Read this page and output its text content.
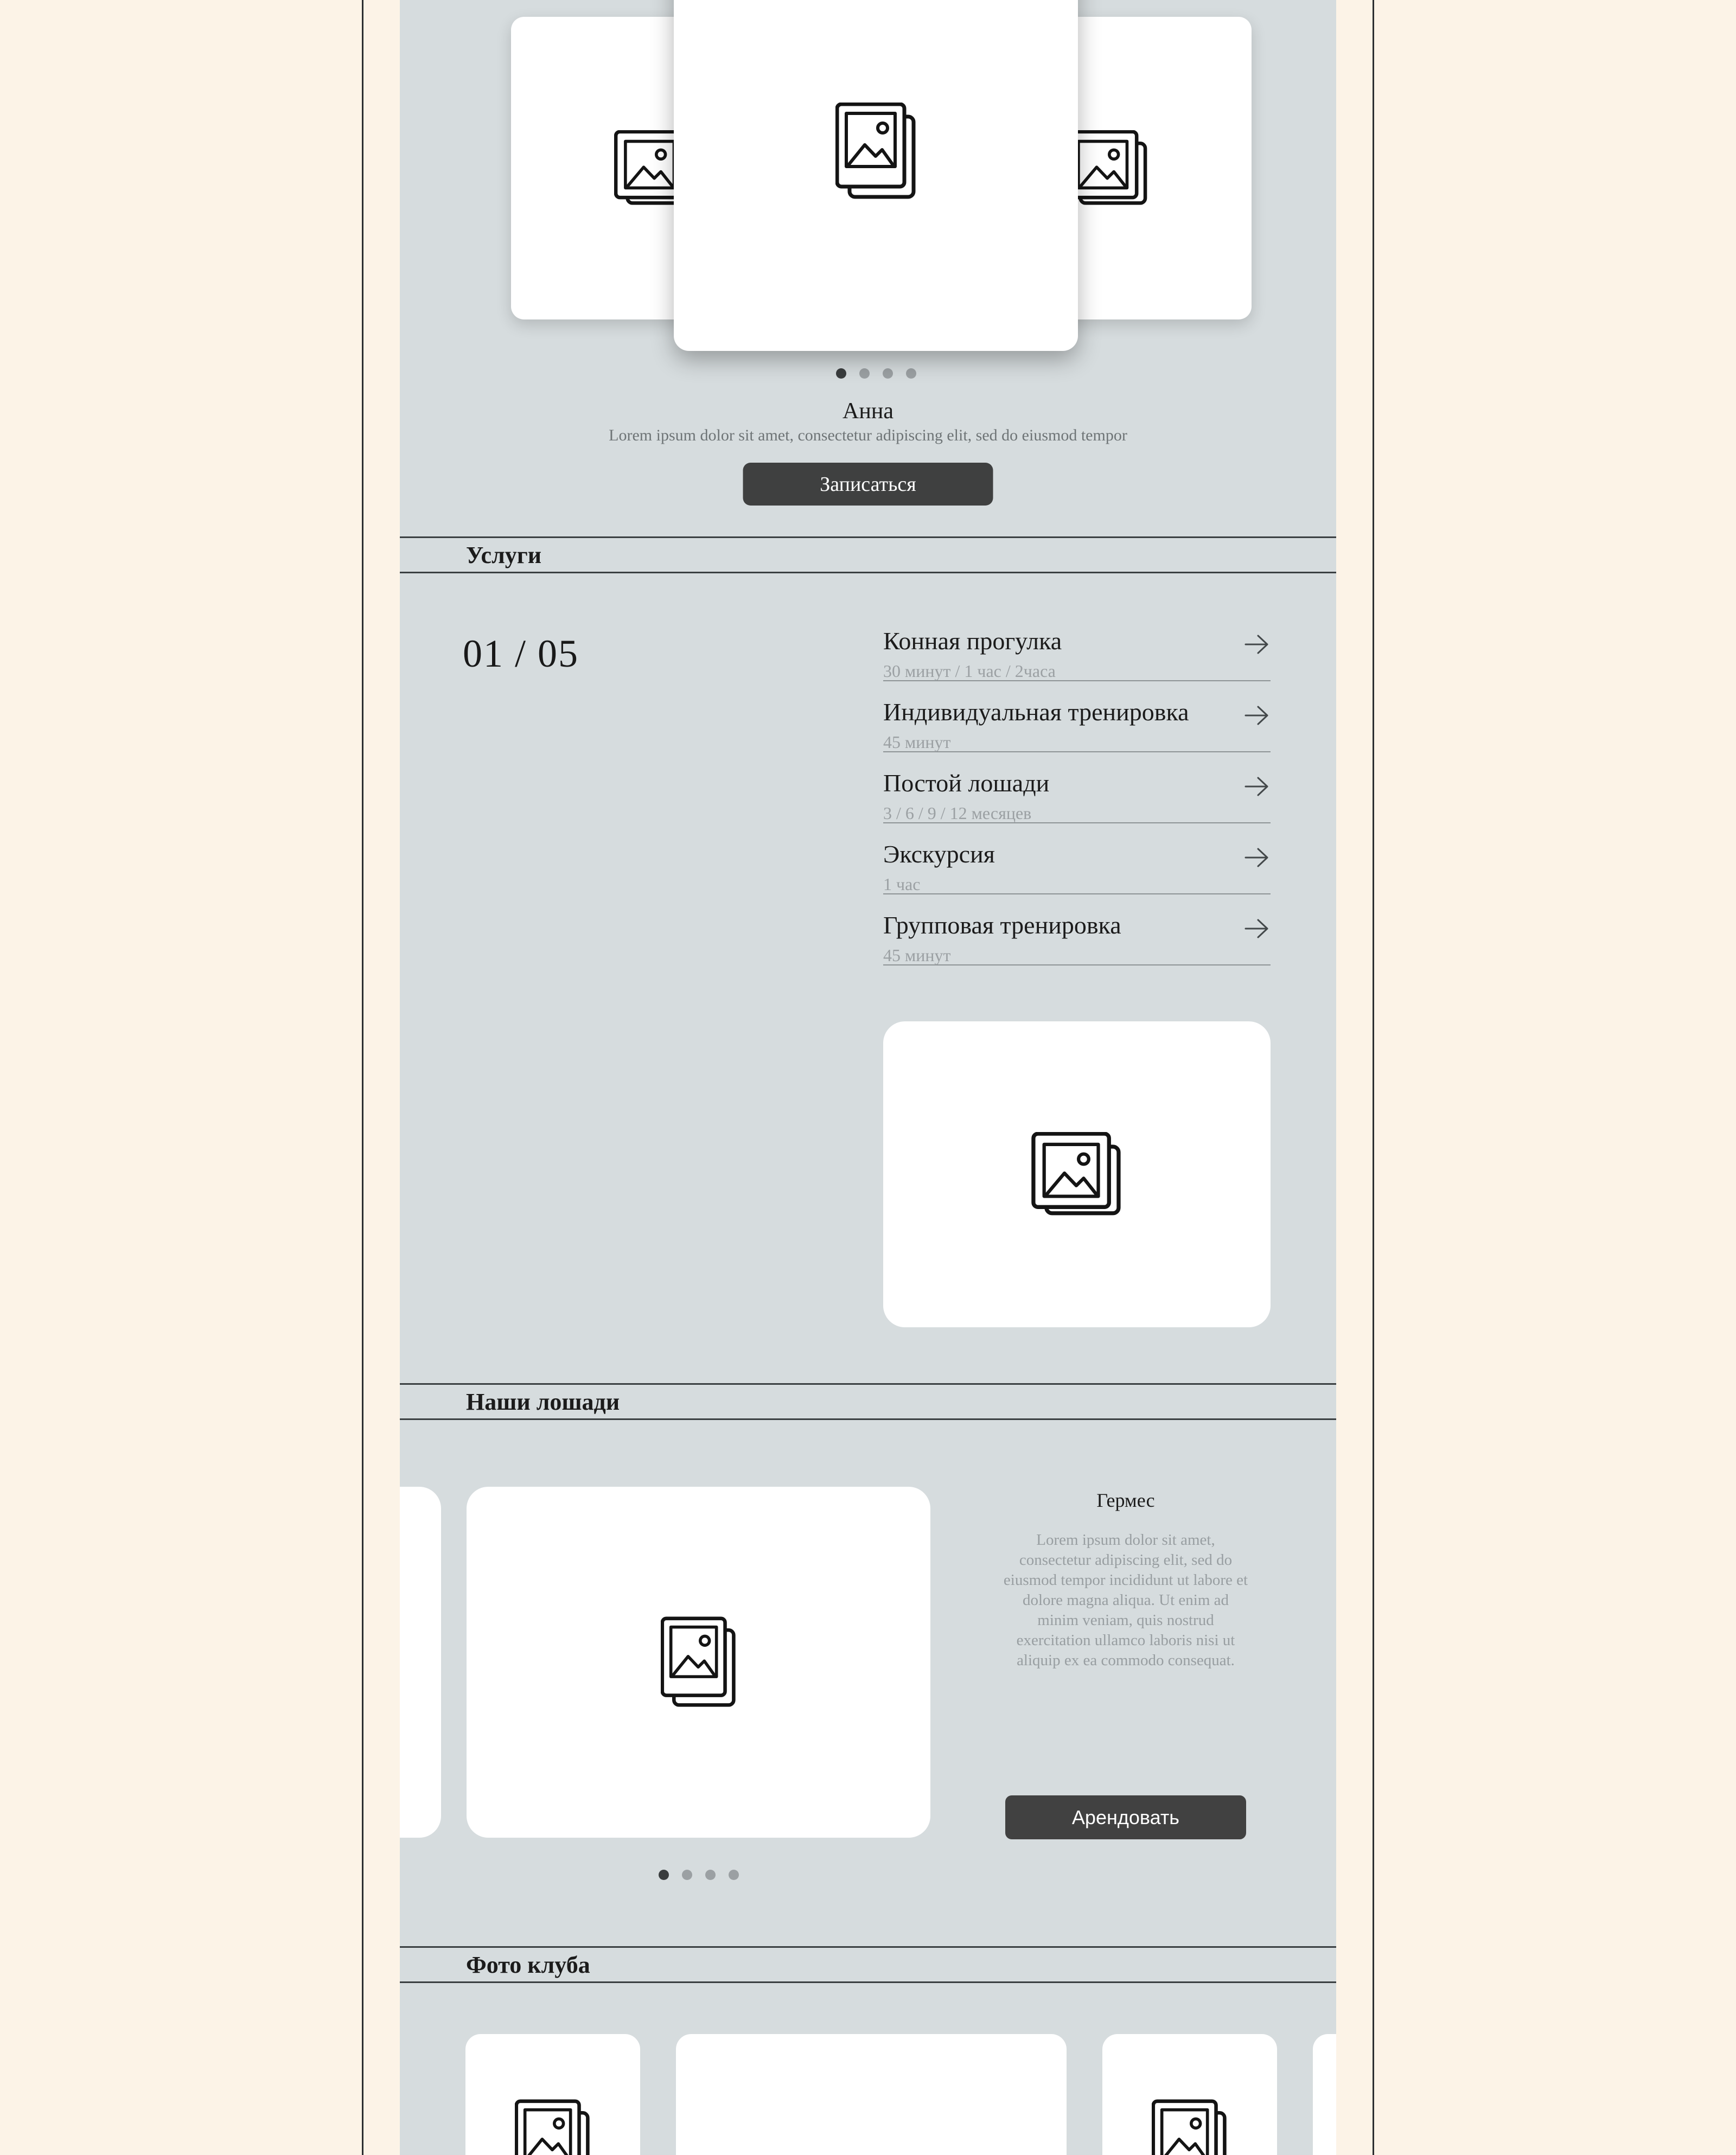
Анна
Lorem ipsum dolor sit amet, consectetur adipiscing elit, sed do eiusmod tempor
Записаться
Услуги
01 / 05	Конная прогулка
30 минут / 1 час / 2часа
Индивидуальная тренировка
45 минут
Постой лошади
3 / 6 / 9 / 12 месяцев
Экскурсия
1 час
Групповая тренировка
45 минут
Наши лошади
Гермес
Lorem ipsum dolor sit amet, consectetur adipiscing elit, sed do eiusmod tempor incididunt ut labore et dolore magna aliqua. Ut enim ad minim veniam, quis nostrud exercitation ullamco laboris nisi ut aliquip ex ea commodo consequat.
Арендовать
Фото клуба
